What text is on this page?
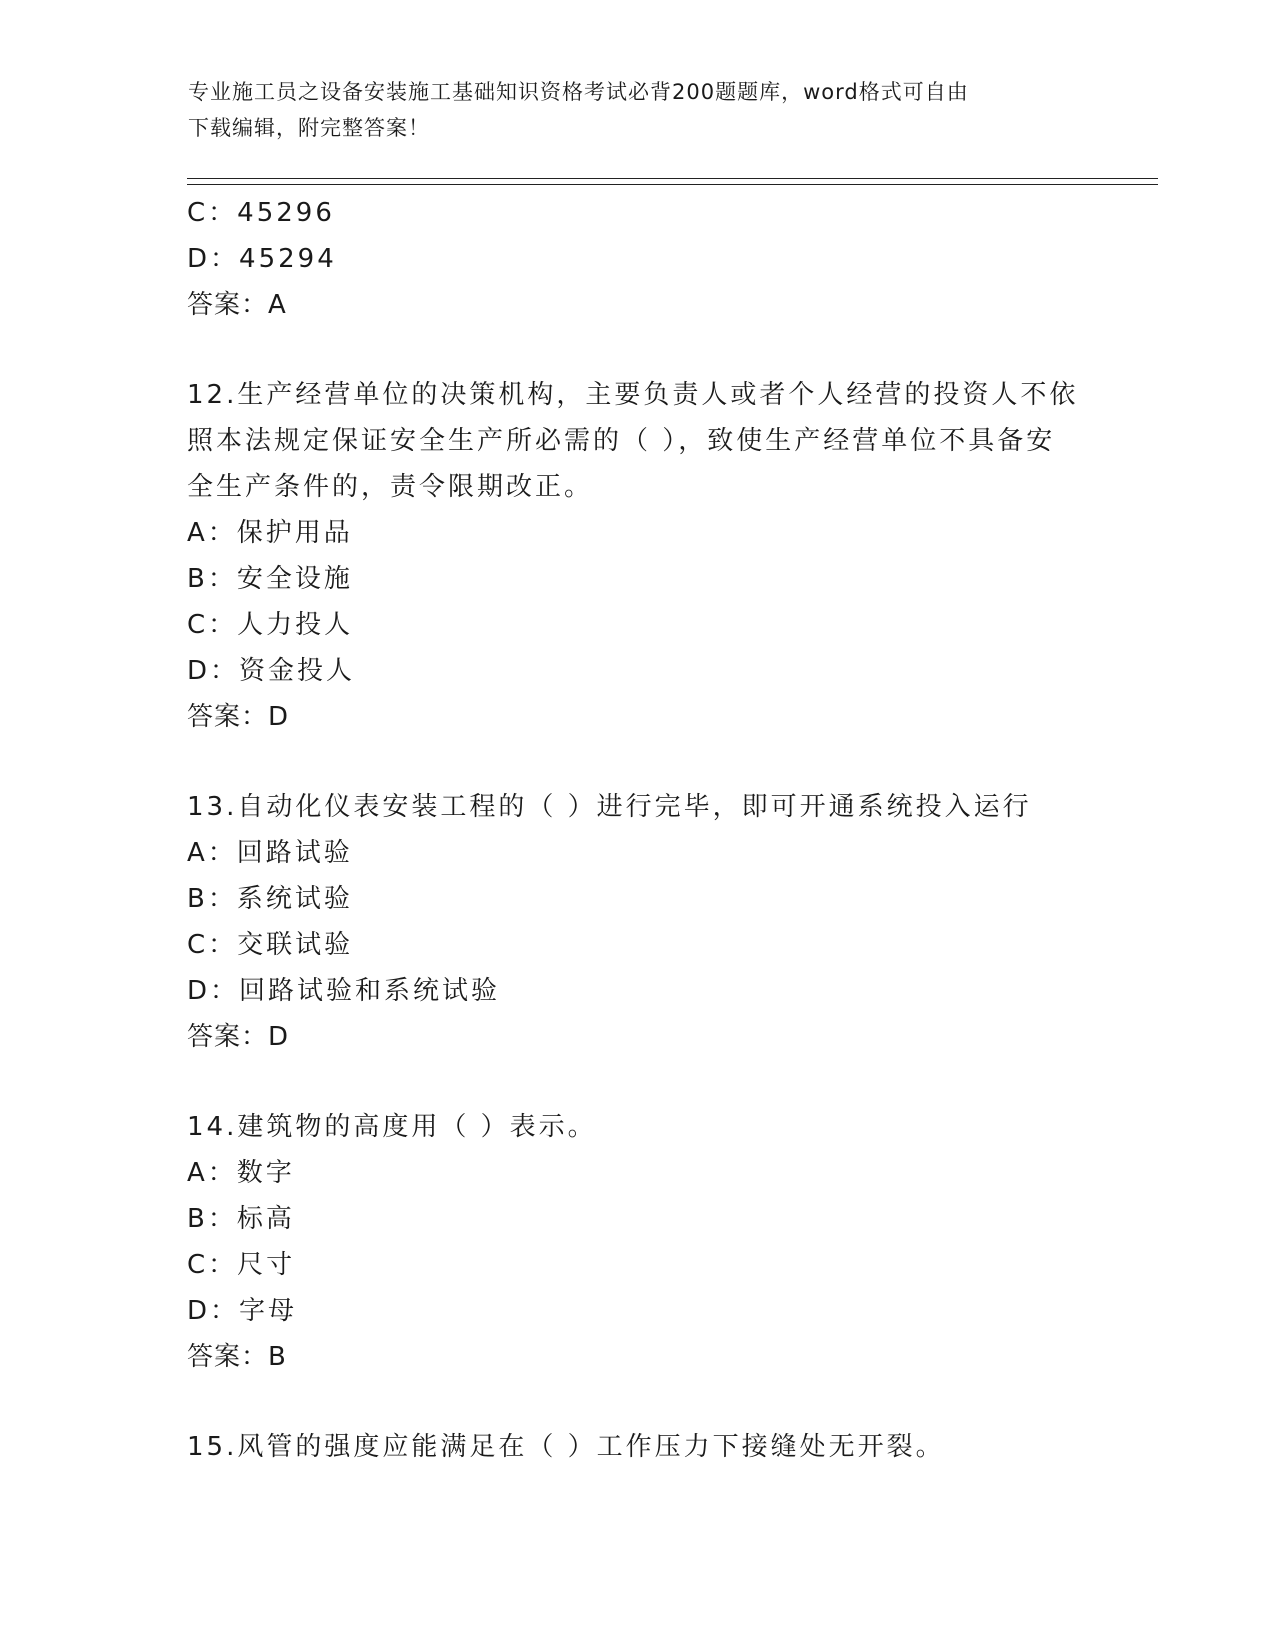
专业施工员之设备安装施工基础知识资格考试必背200题题库，word格式可自由
下载编辑，附完整答案！
C：45296
D：45294
答案：A
12.生产经营单位的决策机构，主要负责人或者个人经营的投资人不依
照本法规定保证安全生产所必需的（ ），致使生产经营单位不具备安
全生产条件的，责令限期改正。
A：保护用品
B：安全设施
C：人力投人
D：资金投人
答案：D
13.自动化仪表安装工程的（ ）进行完毕，即可开通系统投入运行
A：回路试验
B：系统试验
C：交联试验
D：回路试验和系统试验
答案：D
14.建筑物的高度用（ ）表示。
A：数字
B：标高
C：尺寸
D：字母
答案：B
15.风管的强度应能满足在（ ）工作压力下接缝处无开裂。
